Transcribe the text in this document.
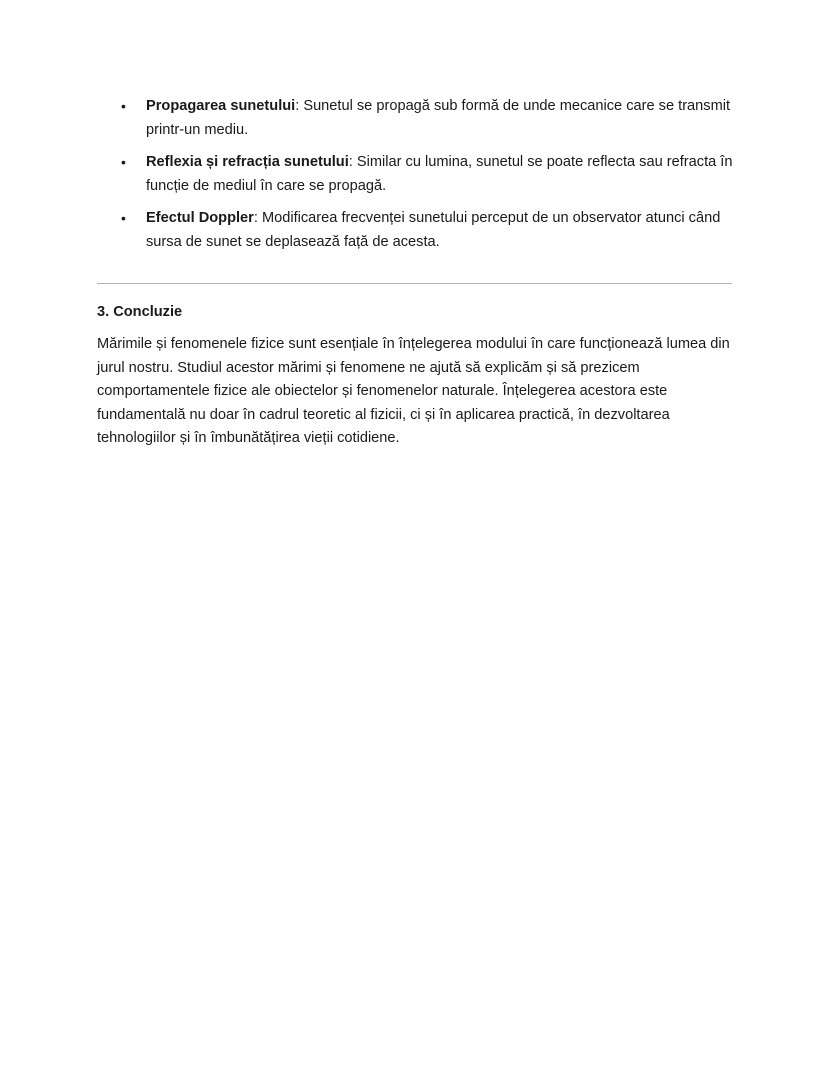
• Propagarea sunetului: Sunetul se propagă sub formă de unde mecanice care se transmit printr-un mediu.
• Reflexia și refracția sunetului: Similar cu lumina, sunetul se poate reflecta sau refracta în funcție de mediul în care se propagă.
• Efectul Doppler: Modificarea frecvenței sunetului perceput de un observator atunci când sursa de sunet se deplasează față de acesta.
3. Concluzie

Mărimile și fenomenele fizice sunt esențiale în înțelegerea modului în care funcționează lumea din jurul nostru. Studiul acestor mărimi și fenomene ne ajută să explicăm și să prezicem comportamentele fizice ale obiectelor și fenomenelor naturale. Înțelegerea acestora este fundamentală nu doar în cadrul teoretic al fizicii, ci și în aplicarea practică, în dezvoltarea tehnologiilor și în îmbunătățirea vieții cotidiene.
